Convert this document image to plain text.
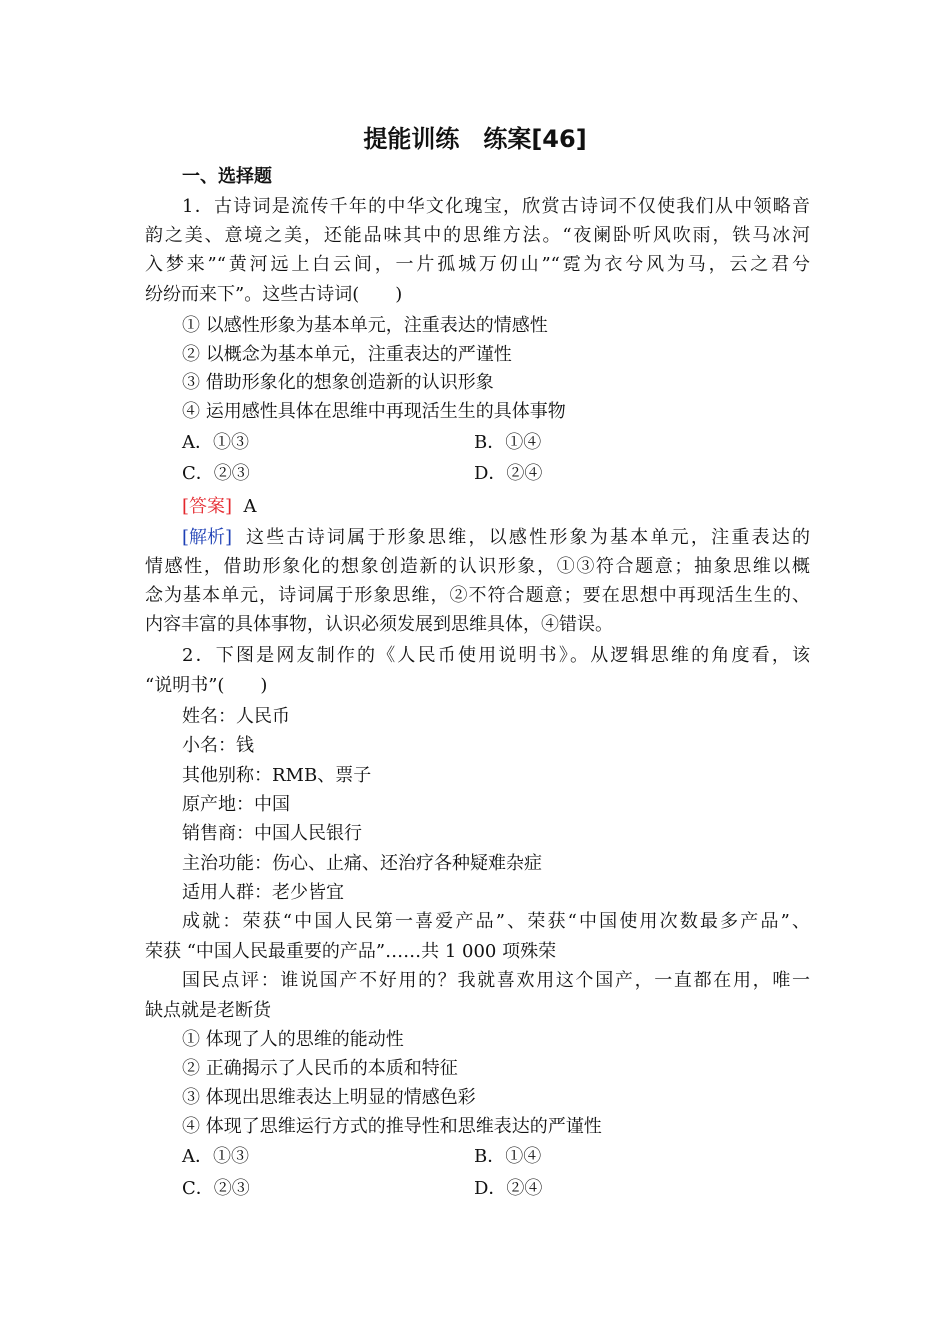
提能训练　练案[46]
一、选择题
1．古诗词是流传千年的中华文化瑰宝，欣赏古诗词不仅使我们从中领略音
韵之美、意境之美，还能品味其中的思维方法。“夜阑卧听风吹雨，铁马冰河
入梦来”“黄河远上白云间，一片孤城万仞山”“霓为衣兮风为马，云之君兮
纷纷而来下”。这些古诗词(　　)
① 以感性形象为基本单元，注重表达的情感性
② 以概念为基本单元，注重表达的严谨性
③ 借助形象化的想象创造新的认识形象
④ 运用感性具体在思维中再现活生生的具体事物
A．①③	B．①④
C．②③	D．②④
[答案] A
[解析] 这些古诗词属于形象思维，以感性形象为基本单元，注重表达的
情感性，借助形象化的想象创造新的认识形象，①③符合题意；抽象思维以概
念为基本单元，诗词属于形象思维，②不符合题意；要在思想中再现活生生的、
内容丰富的具体事物，认识必须发展到思维具体，④错误。
2．下图是网友制作的《人民币使用说明书》。从逻辑思维的角度看，该
“说明书”(　　)
姓名：人民币
小名：钱
其他别称：RMB、票子
原产地：中国
销售商：中国人民银行
主治功能：伤心、止痛、还治疗各种疑难杂症
适用人群：老少皆宜
成就：荣获“中国人民第一喜爱产品”、荣获“中国使用次数最多产品”、
荣获 “中国人民最重要的产品”……共 1 000 项殊荣
国民点评：谁说国产不好用的？我就喜欢用这个国产，一直都在用，唯一
缺点就是老断货
① 体现了人的思维的能动性
② 正确揭示了人民币的本质和特征
③ 体现出思维表达上明显的情感色彩
④ 体现了思维运行方式的推导性和思维表达的严谨性
A．①③	B．①④
C．②③	D．②④
